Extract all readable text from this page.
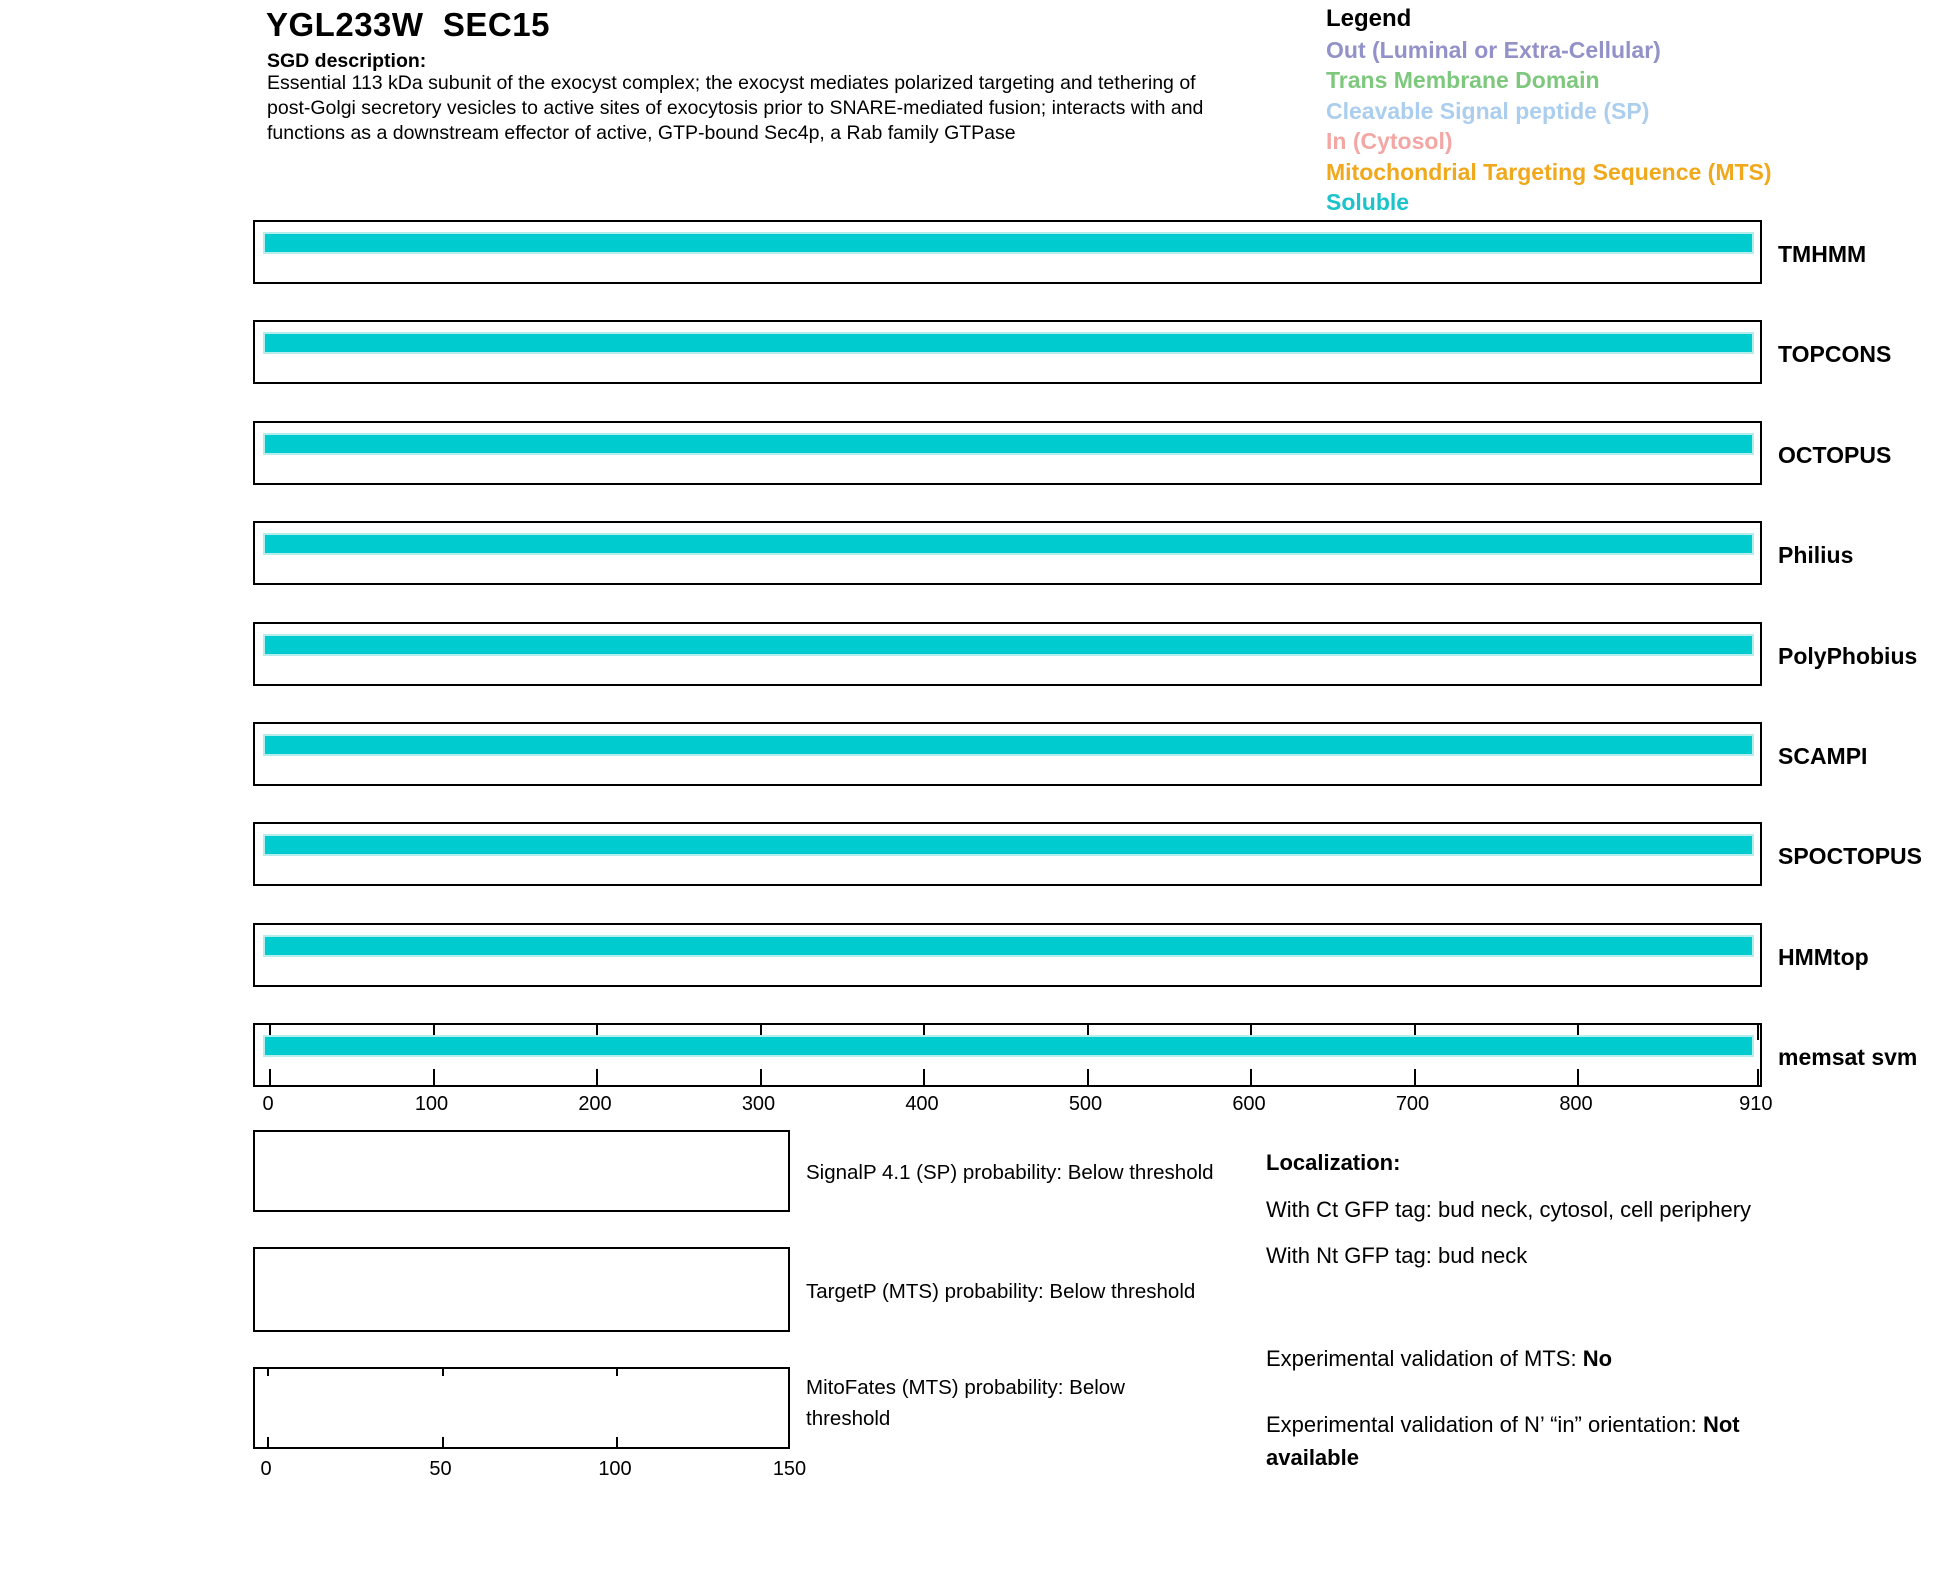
YGL233W  SEC15
SGD description:
Essential 113 kDa subunit of the exocyst complex; the exocyst mediates polarized targeting and tethering of
post-Golgi secretory vesicles to active sites of exocytosis prior to SNARE-mediated fusion; interacts with and
functions as a downstream effector of active, GTP-bound Sec4p, a Rab family GTPase
Legend
Out (Luminal or Extra-Cellular)
Trans Membrane Domain
Cleavable Signal peptide (SP)
In (Cytosol)
Mitochondrial Targeting Sequence (MTS)
Soluble
TMHMM
TOPCONS
OCTOPUS
Philius
PolyPhobius
SCAMPI
SPOCTOPUS
HMMtop
memsat svm
0	100	200	300	400	500	600	700	800	910
SignalP 4.1 (SP) probability: Below threshold
TargetP (MTS) probability: Below threshold
MitoFates (MTS) probability: Below
threshold
0	50	100	150
Localization:
With Ct GFP tag: bud neck, cytosol, cell periphery
With Nt GFP tag: bud neck
Experimental validation of MTS: No
Experimental validation of N’ “in” orientation: Not available
